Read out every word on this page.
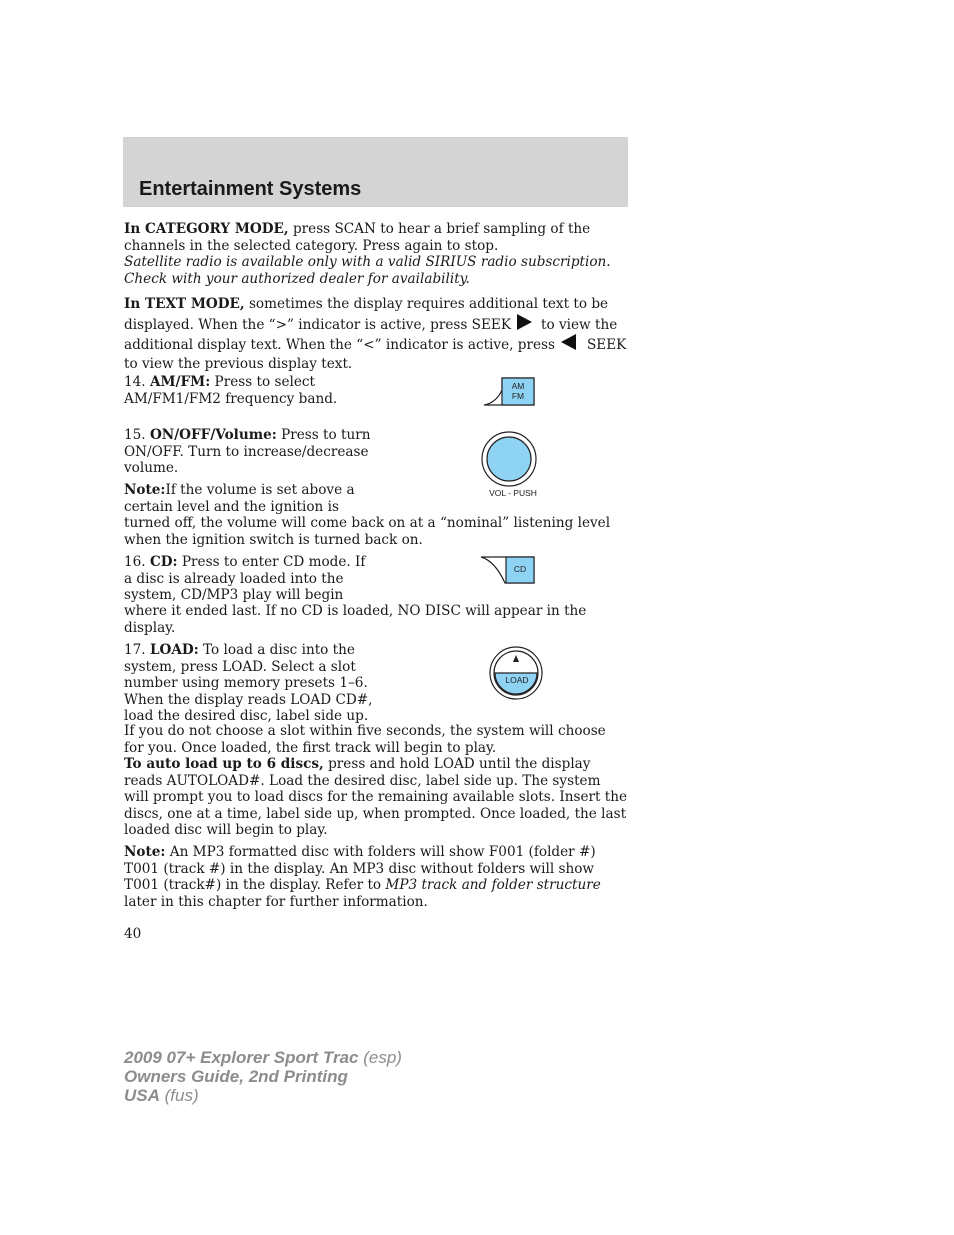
Entertainment Systems

In CATEGORY MODE, press SCAN to hear a brief sampling of the channels in the selected category. Press again to stop.

Satellite radio is available only with a valid SIRIUS radio subscription. Check with your authorized dealer for availability.

In TEXT MODE, sometimes the display requires additional text to be displayed. When the “>” indicator is active, press SEEK to view the additional display text. When the “<” indicator is active, press SEEK to view the previous display text.

14. AM/FM: Press to select AM/FM1/FM2 frequency band.

15. ON/OFF/Volume: Press to turn ON/OFF. Turn to increase/decrease volume.

Note:If the volume is set above a certain level and the ignition is

turned off, the volume will come back on at a “nominal” listening level when the ignition switch is turned back on.

16. CD: Press to enter CD mode. If a disc is already loaded into the system, CD/MP3 play will begin

where it ended last. If no CD is loaded, NO DISC will appear in the display.

17. LOAD: To load a disc into the system, press LOAD. Select a slot number using memory presets 1–6. When the display reads LOAD CD#, load the desired disc, label side up.

If you do not choose a slot within five seconds, the system will choose for you. Once loaded, the first track will begin to play.

To auto load up to 6 discs, press and hold LOAD until the display reads AUTOLOAD#. Load the desired disc, label side up. The system will prompt you to load discs for the remaining available slots. Insert the discs, one at a time, label side up, when prompted. Once loaded, the last loaded disc will begin to play.

Note: An MP3 formatted disc with folders will show F001 (folder #) T001 (track #) in the display. An MP3 disc without folders will show T001 (track#) in the display. Refer to MP3 track and folder structure later in this chapter for further information.

AM
FM
VOL - PUSH
CD
LOAD
40
2009 07+ Explorer Sport Trac (esp)
Owners Guide, 2nd Printing
USA (fus)
